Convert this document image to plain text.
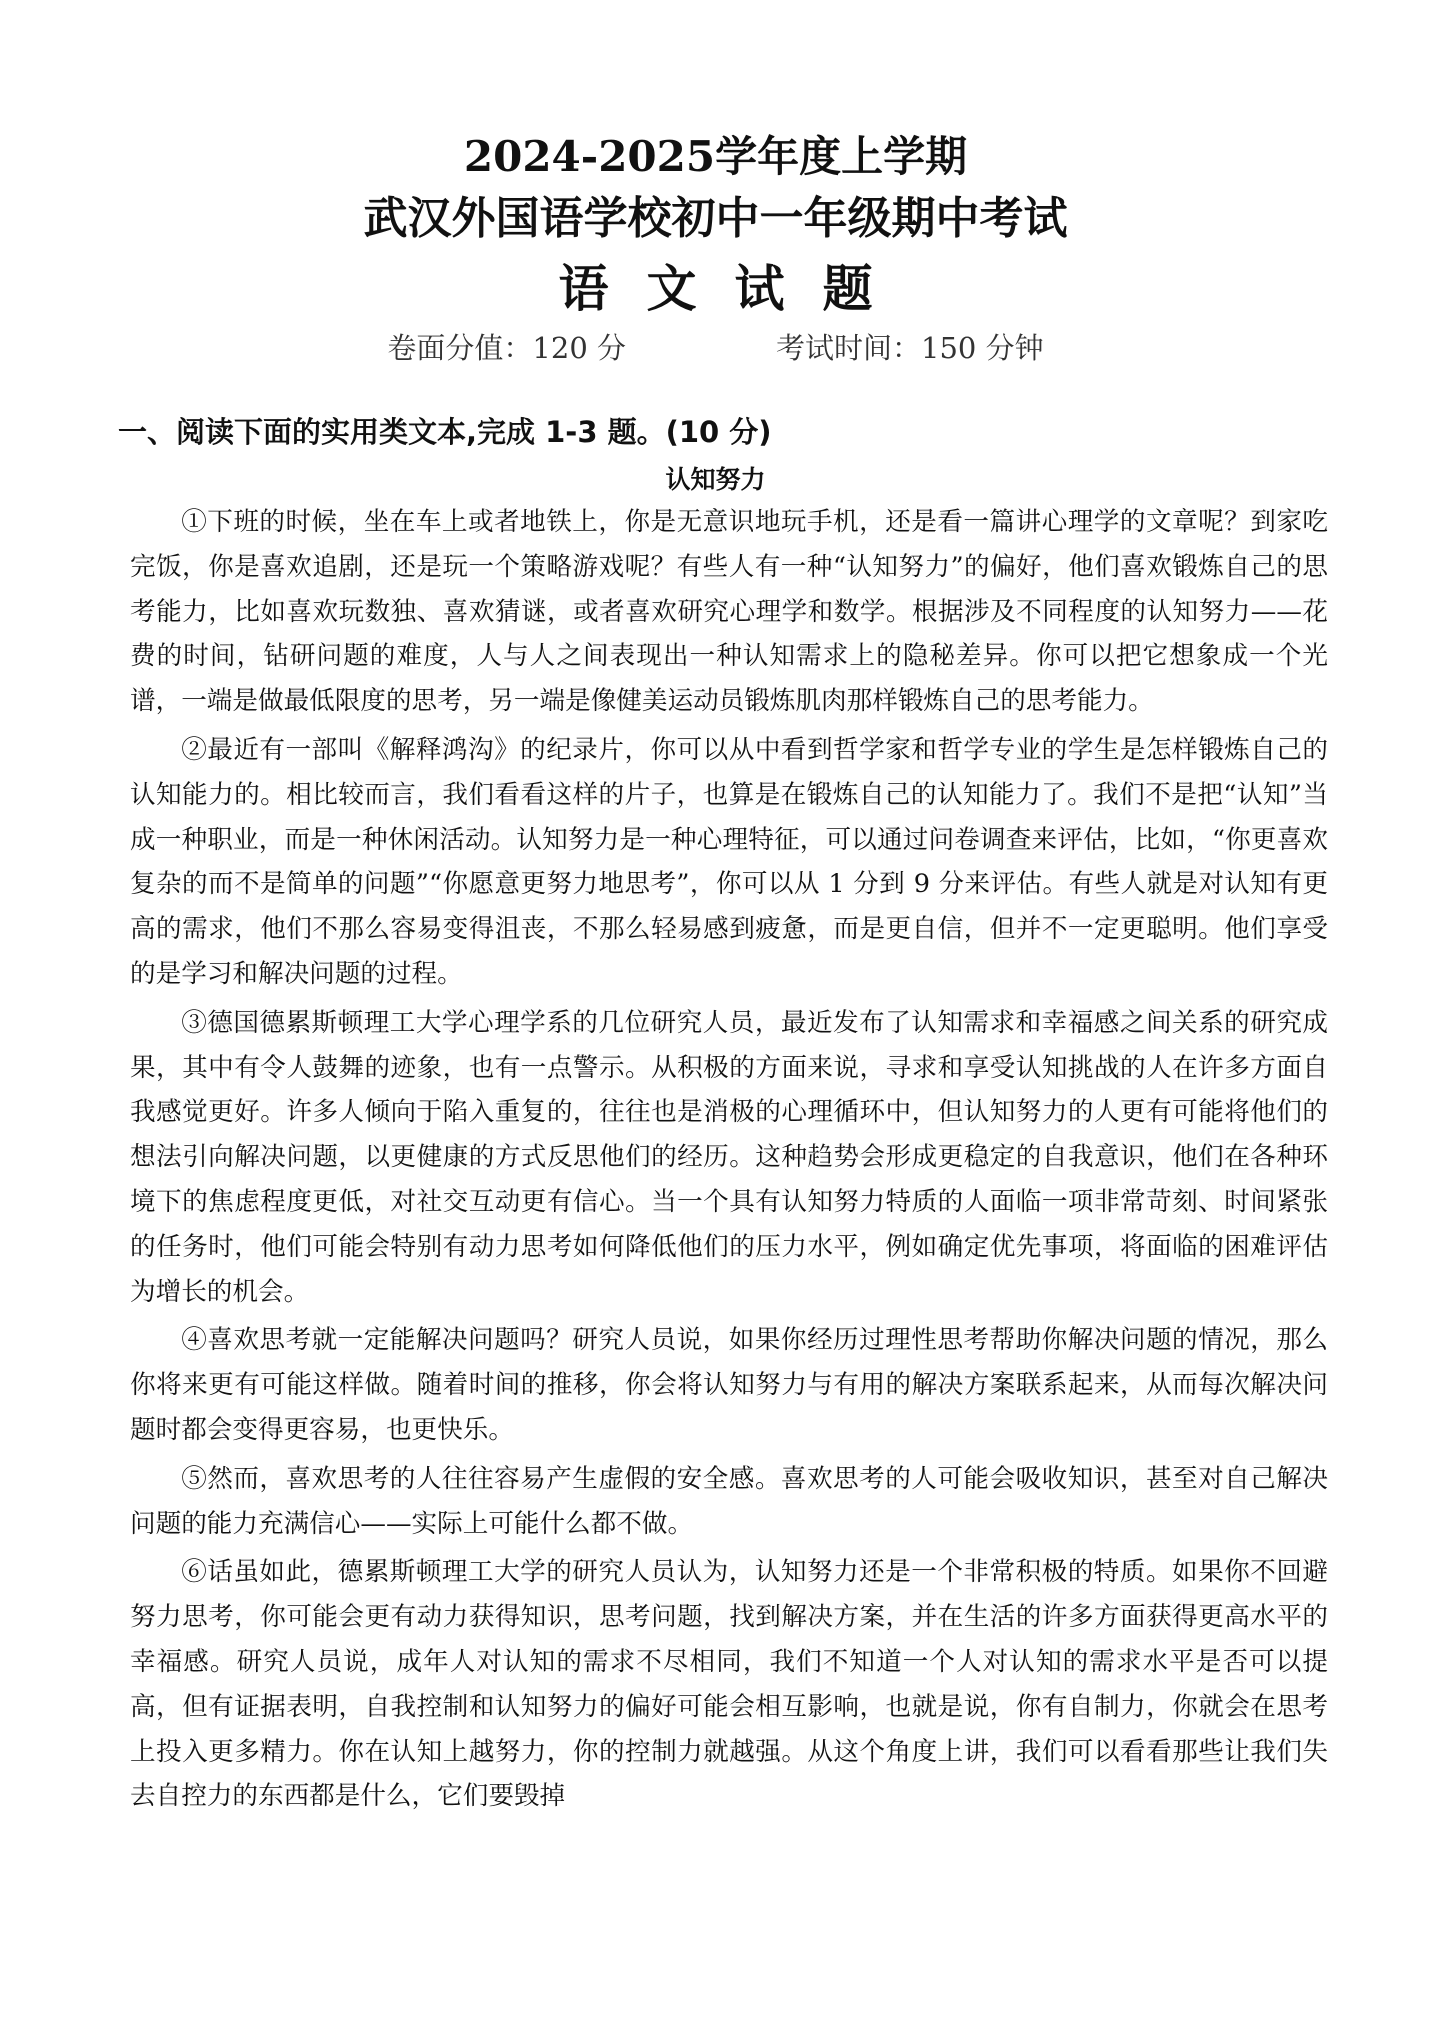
2024-2025学年度上学期

武汉外国语学校初中一年级期中考试

语文试题

卷面分值：120 分	考试时间：150 分钟

一、阅读下面的实用类文本,完成 1-3 题。(10 分)

认知努力

①下班的时候，坐在车上或者地铁上，你是无意识地玩手机，还是看一篇讲心理学的文章呢？到家吃完饭，你是喜欢追剧，还是玩一个策略游戏呢？有些人有一种“认知努力”的偏好，他们喜欢锻炼自己的思考能力，比如喜欢玩数独、喜欢猜谜，或者喜欢研究心理学和数学。根据涉及不同程度的认知努力——花费的时间，钻研问题的难度，人与人之间表现出一种认知需求上的隐秘差异。你可以把它想象成一个光谱，一端是做最低限度的思考，另一端是像健美运动员锻炼肌肉那样锻炼自己的思考能力。

②最近有一部叫《解释鸿沟》的纪录片，你可以从中看到哲学家和哲学专业的学生是怎样锻炼自己的认知能力的。相比较而言，我们看看这样的片子，也算是在锻炼自己的认知能力了。我们不是把“认知”当成一种职业，而是一种休闲活动。认知努力是一种心理特征，可以通过问卷调查来评估，比如，“你更喜欢复杂的而不是简单的问题”“你愿意更努力地思考”，你可以从 1 分到 9 分来评估。有些人就是对认知有更高的需求，他们不那么容易变得沮丧，不那么轻易感到疲惫，而是更自信，但并不一定更聪明。他们享受的是学习和解决问题的过程。

③德国德累斯顿理工大学心理学系的几位研究人员，最近发布了认知需求和幸福感之间关系的研究成果，其中有令人鼓舞的迹象，也有一点警示。从积极的方面来说，寻求和享受认知挑战的人在许多方面自我感觉更好。许多人倾向于陷入重复的，往往也是消极的心理循环中，但认知努力的人更有可能将他们的想法引向解决问题，以更健康的方式反思他们的经历。这种趋势会形成更稳定的自我意识，他们在各种环境下的焦虑程度更低，对社交互动更有信心。当一个具有认知努力特质的人面临一项非常苛刻、时间紧张的任务时，他们可能会特别有动力思考如何降低他们的压力水平，例如确定优先事项，将面临的困难评估为增长的机会。

④喜欢思考就一定能解决问题吗？研究人员说，如果你经历过理性思考帮助你解决问题的情况，那么你将来更有可能这样做。随着时间的推移，你会将认知努力与有用的解决方案联系起来，从而每次解决问题时都会变得更容易，也更快乐。

⑤然而，喜欢思考的人往往容易产生虚假的安全感。喜欢思考的人可能会吸收知识，甚至对自己解决问题的能力充满信心——实际上可能什么都不做。

⑥话虽如此，德累斯顿理工大学的研究人员认为，认知努力还是一个非常积极的特质。如果你不回避努力思考，你可能会更有动力获得知识，思考问题，找到解决方案，并在生活的许多方面获得更高水平的幸福感。研究人员说，成年人对认知的需求不尽相同，我们不知道一个人对认知的需求水平是否可以提高，但有证据表明，自我控制和认知努力的偏好可能会相互影响，也就是说，你有自制力，你就会在思考上投入更多精力。你在认知上越努力，你的控制力就越强。从这个角度上讲，我们可以看看那些让我们失去自控力的东西都是什么，它们要毁掉
